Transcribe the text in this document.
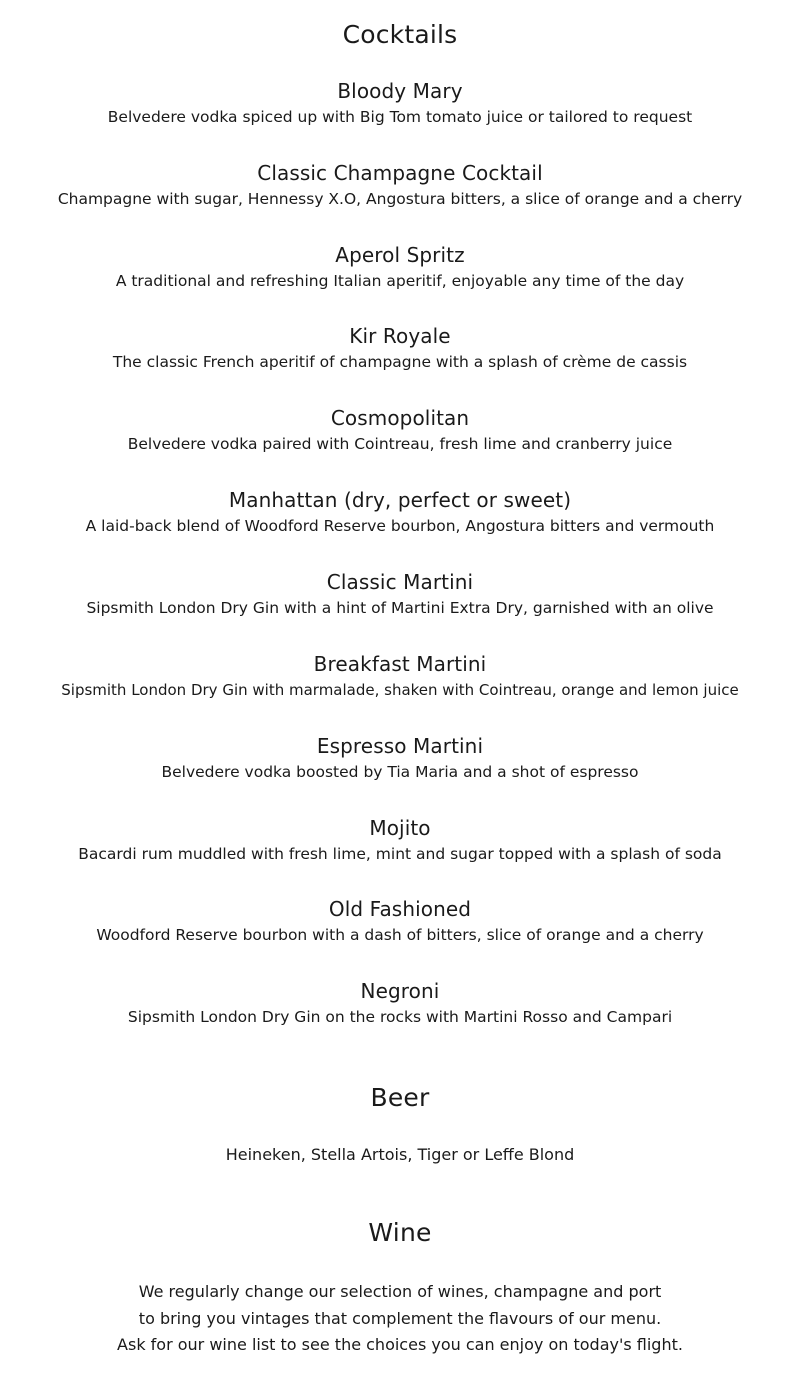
Cocktails
Bloody Mary
Belvedere vodka spiced up with Big Tom tomato juice or tailored to request
Classic Champagne Cocktail
Champagne with sugar, Hennessy X.O, Angostura bitters, a slice of orange and a cherry
Aperol Spritz
A traditional and refreshing Italian aperitif, enjoyable any time of the day
Kir Royale
The classic French aperitif of champagne with a splash of crème de cassis
Cosmopolitan
Belvedere vodka paired with Cointreau, fresh lime and cranberry juice
Manhattan (dry, perfect or sweet)
A laid-back blend of Woodford Reserve bourbon, Angostura bitters and vermouth
Classic Martini
Sipsmith London Dry Gin with a hint of Martini Extra Dry, garnished with an olive
Breakfast Martini
Sipsmith London Dry Gin with marmalade, shaken with Cointreau, orange and lemon juice
Espresso Martini
Belvedere vodka boosted by Tia Maria and a shot of espresso
Mojito
Bacardi rum muddled with fresh lime, mint and sugar topped with a splash of soda
Old Fashioned
Woodford Reserve bourbon with a dash of bitters, slice of orange and a cherry
Negroni
Sipsmith London Dry Gin on the rocks with Martini Rosso and Campari
Beer
Heineken, Stella Artois, Tiger or Leffe Blond
Wine
We regularly change our selection of wines, champagne and port
to bring you vintages that complement the flavours of our menu.
Ask for our wine list to see the choices you can enjoy on today's flight.
